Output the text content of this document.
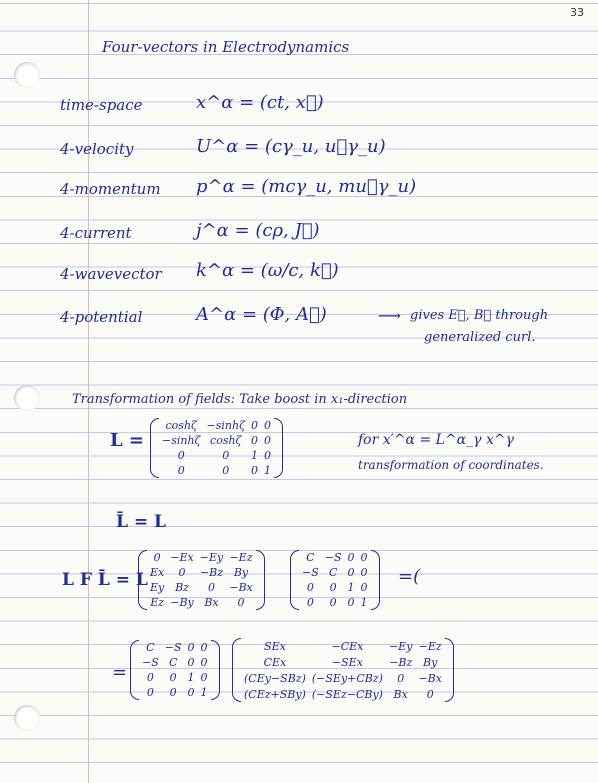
33
Four-vectors in Electrodynamics
time-space	x^α = (ct, x⃗)
4-velocity	U^α = (cγ_u, u⃗γ_u)
4-momentum p^α = (mcγ_u, mu⃗γ_u)
4-current	j^α = (cρ, J⃗)
4-wavevector k^α = (ω/c, k⃗)
4-potential	A^α = (Φ, A⃗)	⟶ gives E⃗, B⃗ through
generalized curl.
Transformation of fields: Take boost in x₁-direction
L =
coshζ	−sinhζ	0	0
−sinhζ	coshζ	0	0
0	0	1	0
0	0	0	1
for x′^α = L^α_γ x^γ
transformation of coordinates.
L̄ = L
L F L̄ = L
0	−Ex	−Ey	−Ez
Ex	0	−Bz	By
Ey	Bz	0	−Bx
Ez	−By	Bx	0
C	−S	0	0
−S	C	0	0
0	0	1	0
0	0	0	1
=(
=
C	−S	0	0
−S	C	0	0
0	0	1	0
0	0	0	1
SEx	−CEx	−Ey	−Ez
CEx	−SEx	−Bz	By
(CEy−SBz)	(−SEy+CBz)	0	−Bx
(CEz+SBy)	(−SEz−CBy)	Bx	0
